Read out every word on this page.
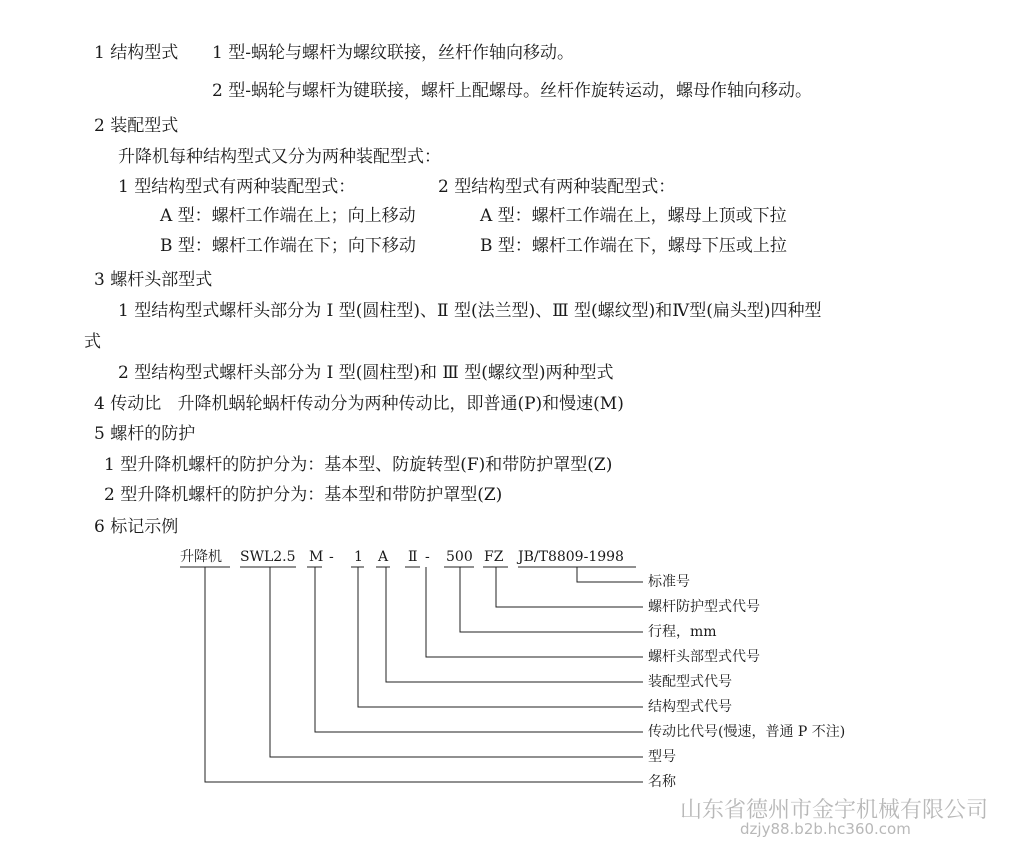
1 结构型式 1 型-蜗轮与螺杆为螺纹联接，丝杆作轴向移动。
2 型-蜗轮与螺杆为键联接，螺杆上配螺母。丝杆作旋转运动，螺母作轴向移动。
2 装配型式
升降机每种结构型式又分为两种装配型式：
1 型结构型式有两种装配型式：	2 型结构型式有两种装配型式：
A 型：螺杆工作端在上；向上移动	A 型：螺杆工作端在上，螺母上顶或下拉
B 型：螺杆工作端在下；向下移动	B 型：螺杆工作端在下，螺母下压或上拉
3 螺杆头部型式
1 型结构型式螺杆头部分为 Ⅰ 型(圆柱型)、Ⅱ 型(法兰型)、Ⅲ 型(螺纹型)和Ⅳ型(扁头型)四种型
式
2 型结构型式螺杆头部分为 Ⅰ 型(圆柱型)和 Ⅲ 型(螺纹型)两种型式
4 传动比 升降机蜗轮蜗杆传动分为两种传动比，即普通(P)和慢速(M)
5 螺杆的防护
1 型升降机螺杆的防护分为：基本型、防旋转型(F)和带防护罩型(Z)
2 型升降机螺杆的防护分为：基本型和带防护罩型(Z)
6 标记示例
升降机 SWL2.5 M - 1 A Ⅱ - 500 FZ JB/T8809-1998
标准号
螺杆防护型式代号
行程，mm
螺杆头部型式代号
装配型式代号
结构型式代号
传动比代号(慢速，普通 P 不注)
型号
名称
山东省德州市金宇机械有限公司
dzjy88.b2b.hc360.com
